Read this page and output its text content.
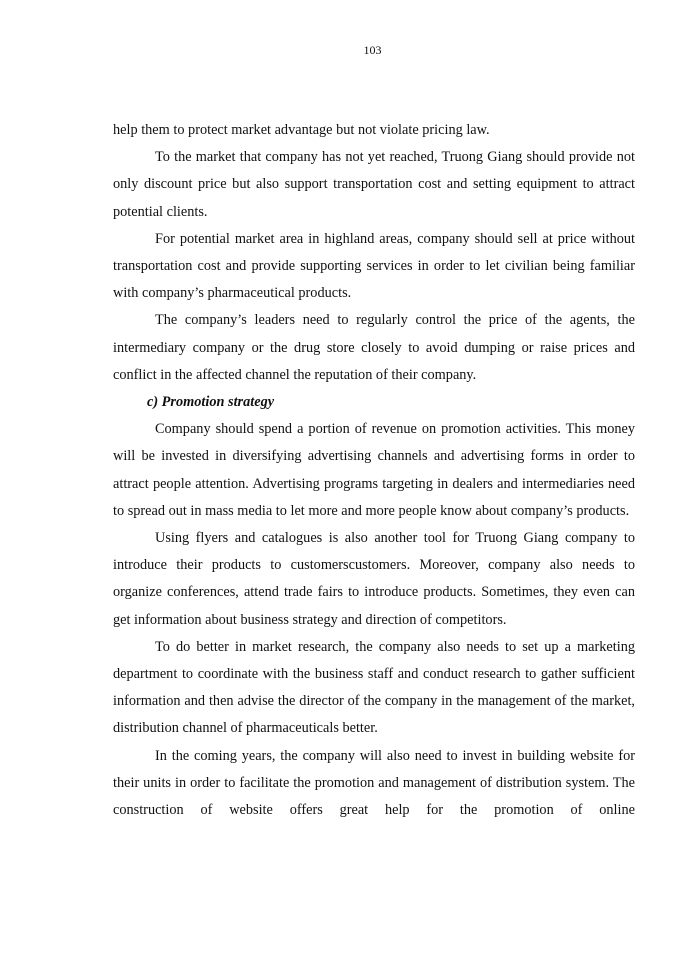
103

help them to protect market advantage but not violate pricing law.

To the market that company has not yet reached, Truong Giang should provide not only discount price but also support transportation cost and setting equipment to attract potential clients.

For potential market area in highland areas, company should sell at price without transportation cost and provide supporting services in order to let civilian being familiar with company’s pharmaceutical products.

The company’s leaders need to regularly control the price of the agents, the intermediary company or the drug store closely to avoid dumping or raise prices and conflict in the affected channel the reputation of their company.

c) Promotion strategy

Company should spend a portion of revenue on promotion activities. This money will be invested in diversifying advertising channels and advertising forms in order to attract people attention. Advertising programs targeting in dealers and intermediaries need to spread out in mass media to let more and more people know about company’s products.

Using flyers and catalogues is also another tool for Truong Giang company to introduce their products to customerscustomers. Moreover, company also needs to organize conferences, attend trade fairs to introduce products. Sometimes, they even can get information about business strategy and direction of competitors.

To do better in market research, the company also needs to set up a marketing department to coordinate with the business staff and conduct research to gather sufficient information and then advise the director of the company in the management of the market, distribution channel of pharmaceuticals better.

In the coming years, the company will also need to invest in building website for their units in order to facilitate the promotion and management of distribution system. The construction of website offers great help for the promotion of online
